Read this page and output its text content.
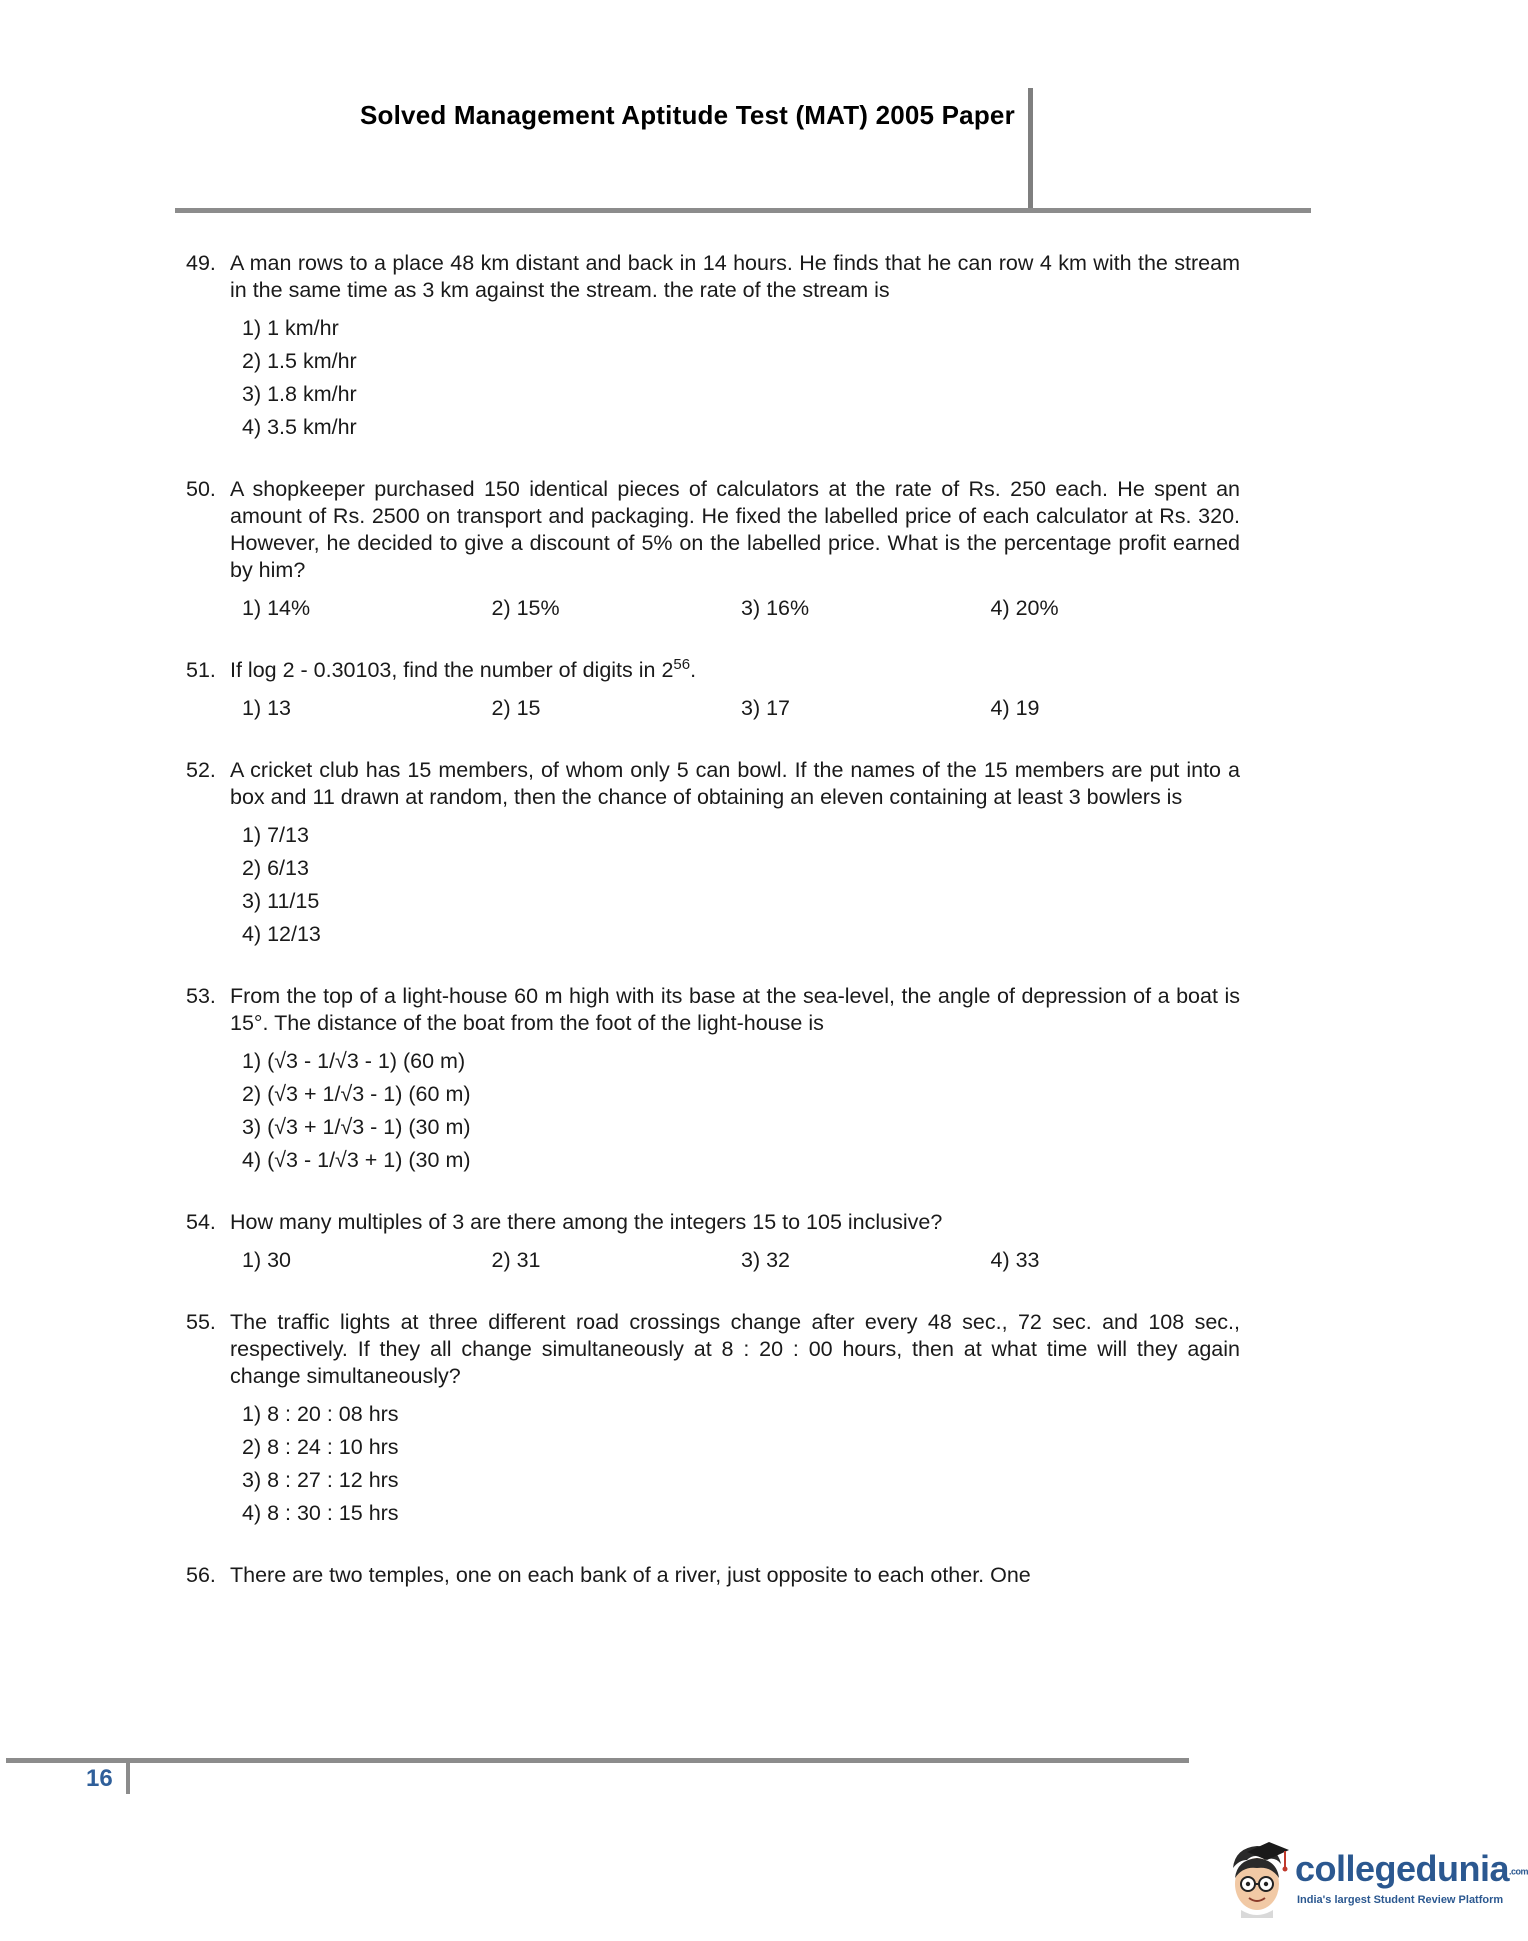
Solved Management Aptitude Test (MAT) 2005 Paper
49. A man rows to a place 48 km distant and back in 14 hours. He finds that he can row 4 km with the stream in the same time as 3 km against the stream. the rate of the stream is
1) 1 km/hr
2) 1.5 km/hr
3) 1.8 km/hr
4) 3.5 km/hr
50. A shopkeeper purchased 150 identical pieces of calculators at the rate of Rs. 250 each. He spent an amount of Rs. 2500 on transport and packaging. He fixed the labelled price of each calculator at Rs. 320. However, he decided to give a discount of 5% on the labelled price. What is the percentage profit earned by him?
1) 14%	2) 15%	3) 16%	4) 20%
51. If log 2 - 0.30103, find the number of digits in $2^{56}$.
1) 13	2) 15	3) 17	4) 19
52. A cricket club has 15 members, of whom only 5 can bowl. If the names of the 15 members are put into a box and 11 drawn at random, then the chance of obtaining an eleven containing at least 3 bowlers is
1) 7/13
2) 6/13
3) 11/15
4) 12/13
53. From the top of a light-house 60 m high with its base at the sea-level, the angle of depression of a boat is 15°. The distance of the boat from the foot of the light-house is
1) (√3 - 1/√3 - 1) (60 m)
2) (√3 + 1/√3 - 1) (60 m)
3) (√3 + 1/√3 - 1) (30 m)
4) (√3 - 1/√3 + 1) (30 m)
54. How many multiples of 3 are there among the integers 15 to 105 inclusive?
1) 30	2) 31	3) 32	4) 33
55. The traffic lights at three different road crossings change after every 48 sec., 72 sec. and 108 sec., respectively. If they all change simultaneously at 8 : 20 : 00 hours, then at what time will they again change simultaneously?
1) 8 : 20 : 08 hrs
2) 8 : 24 : 10 hrs
3) 8 : 27 : 12 hrs
4) 8 : 30 : 15 hrs
56. There are two temples, one on each bank of a river, just opposite to each other. One
16
collegedunia.com
India's largest Student Review Platform
